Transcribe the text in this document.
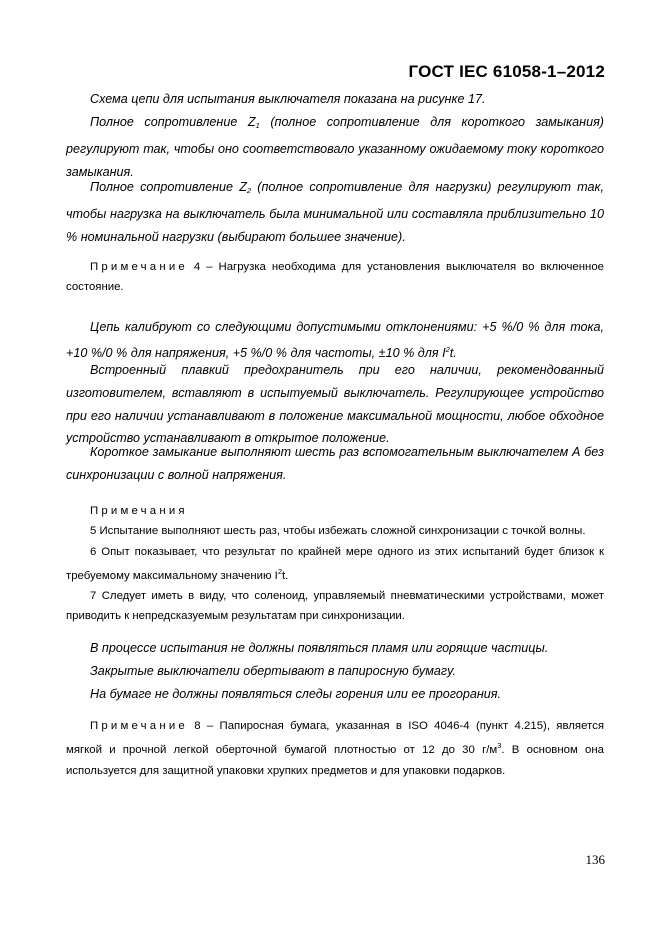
ГОСТ IEC 61058-1–2012

Схема цепи для испытания выключателя показана на рисунке 17.

Полное сопротивление $Z_1$ (полное сопротивление для короткого замыкания) регулируют так, чтобы оно соответствовало указанному ожидаемому току короткого замыкания.

Полное сопротивление $Z_2$ (полное сопротивление для нагрузки) регулируют так, чтобы нагрузка на выключатель была минимальной или составляла приблизительно 10 % номинальной нагрузки (выбирают большее значение).

Примечание 4 – Нагрузка необходима для установления выключателя во включенное состояние.

Цепь калибруют со следующими допустимыми отклонениями: +5 %/0 % для тока, +10 %/0 % для напряжения, +5 %/0 % для частоты, ±10 % для $I^2t$.

Встроенный плавкий предохранитель при его наличии, рекомендованный изготовителем, вставляют в испытуемый выключатель. Регулирующее устройство при его наличии устанавливают в положение максимальной мощности, любое обходное устройство устанавливают в открытое положение.

Короткое замыкание выполняют шесть раз вспомогательным выключателем А без синхронизации с волной напряжения.

Примечания

5 Испытание выполняют шесть раз, чтобы избежать сложной синхронизации с точкой волны.

6 Опыт показывает, что результат по крайней мере одного из этих испытаний будет близок к требуемому максимальному значению $I^2t$.

7 Следует иметь в виду, что соленоид, управляемый пневматическими устройствами, может приводить к непредсказуемым результатам при синхронизации.

В процессе испытания не должны появляться пламя или горящие частицы.

Закрытые выключатели обертывают в папиросную бумагу.

На бумаге не должны появляться следы горения или ее прогорания.

Примечание 8 – Папиросная бумага, указанная в ISO 4046-4 (пункт 4.215), является мягкой и прочной легкой оберточной бумагой плотностью от 12 до 30 $г/м^3$. В основном она используется для защитной упаковки хрупких предметов и для упаковки подарков.

136
